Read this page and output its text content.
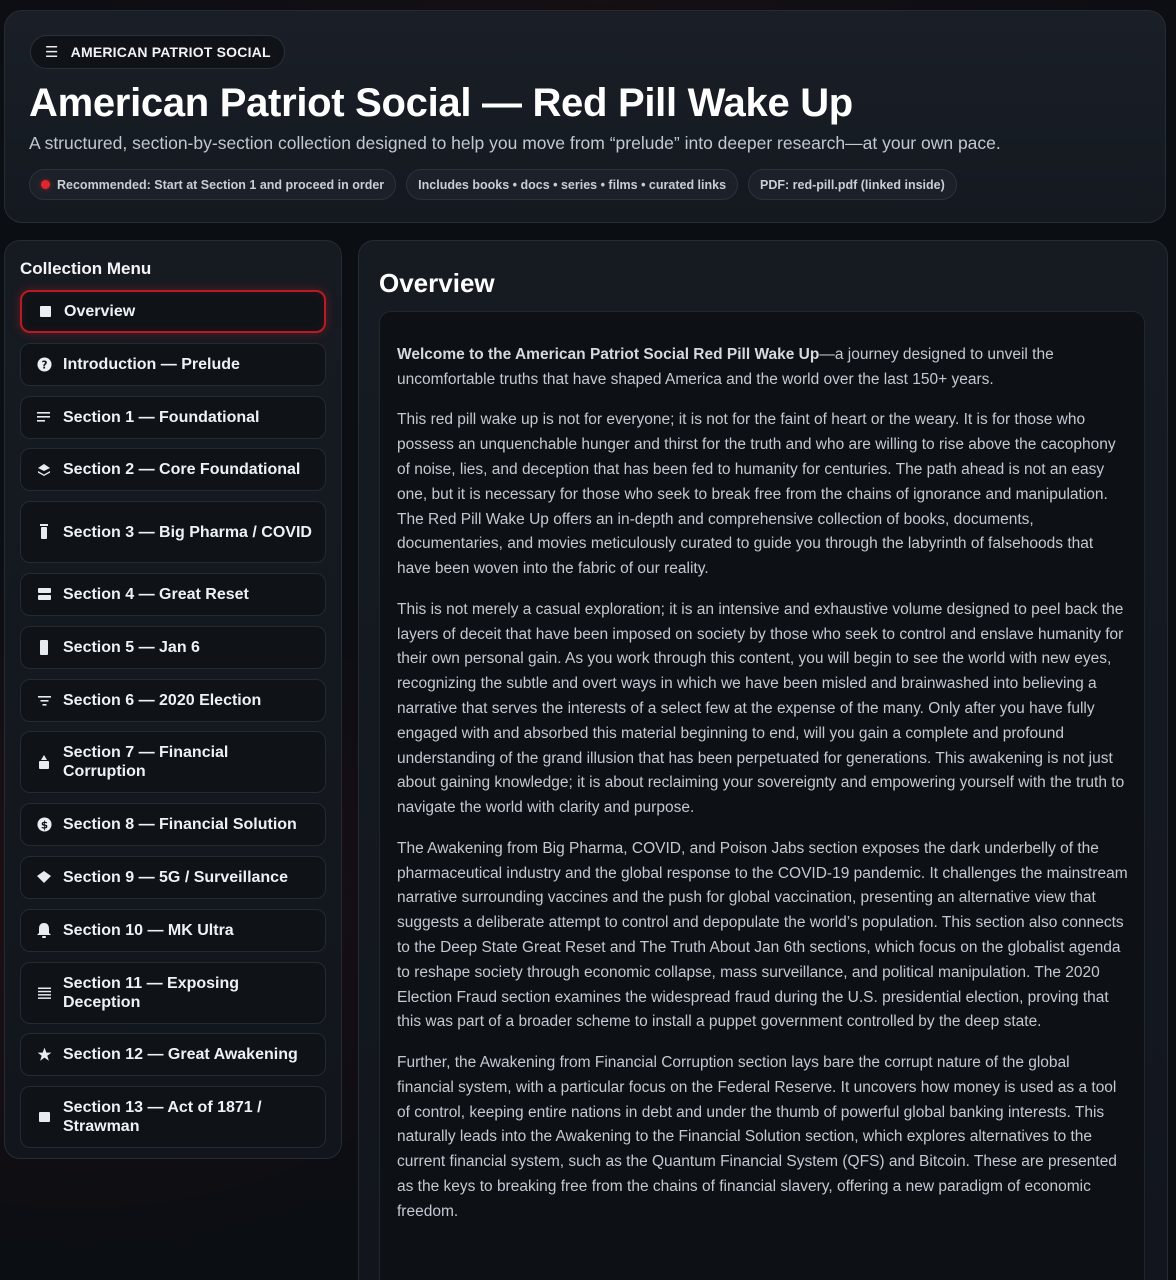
☰ AMERICAN PATRIOT SOCIAL
American Patriot Social — Red Pill Wake Up
A structured, section-by-section collection designed to help you move from “prelude” into deeper research—at your own pace.
Recommended: Start at Section 1 and proceed in order	Includes books • docs • series • films • curated links	PDF: red-pill.pdf (linked inside)
Collection Menu
Overview
? Introduction — Prelude
Section 1 — Foundational
Section 2 — Core Foundational
Section 3 — Big Pharma / COVID
Section 4 — Great Reset
Section 5 — Jan 6
Section 6 — 2020 Election
Section 7 — Financial Corruption
$ Section 8 — Financial Solution
Section 9 — 5G / Surveillance
Section 10 — MK Ultra
Section 11 — Exposing Deception
Section 12 — Great Awakening
Section 13 — Act of 1871 / Strawman
Overview

Welcome to the American Patriot Social Red Pill Wake Up—a journey designed to unveil the uncomfortable truths that have shaped America and the world over the last 150+ years.

This red pill wake up is not for everyone; it is not for the faint of heart or the weary. It is for those who possess an unquenchable hunger and thirst for the truth and who are willing to rise above the cacophony of noise, lies, and deception that has been fed to humanity for centuries. The path ahead is not an easy one, but it is necessary for those who seek to break free from the chains of ignorance and manipulation. The Red Pill Wake Up offers an in-depth and comprehensive collection of books, documents, documentaries, and movies meticulously curated to guide you through the labyrinth of falsehoods that have been woven into the fabric of our reality.

This is not merely a casual exploration; it is an intensive and exhaustive volume designed to peel back the layers of deceit that have been imposed on society by those who seek to control and enslave humanity for their own personal gain. As you work through this content, you will begin to see the world with new eyes, recognizing the subtle and overt ways in which we have been misled and brainwashed into believing a narrative that serves the interests of a select few at the expense of the many. Only after you have fully engaged with and absorbed this material beginning to end, will you gain a complete and profound understanding of the grand illusion that has been perpetuated for generations. This awakening is not just about gaining knowledge; it is about reclaiming your sovereignty and empowering yourself with the truth to navigate the world with clarity and purpose.

The Awakening from Big Pharma, COVID, and Poison Jabs section exposes the dark underbelly of the pharmaceutical industry and the global response to the COVID-19 pandemic. It challenges the mainstream narrative surrounding vaccines and the push for global vaccination, presenting an alternative view that suggests a deliberate attempt to control and depopulate the world’s population. This section also connects to the Deep State Great Reset and The Truth About Jan 6th sections, which focus on the globalist agenda to reshape society through economic collapse, mass surveillance, and political manipulation. The 2020 Election Fraud section examines the widespread fraud during the U.S. presidential election, proving that this was part of a broader scheme to install a puppet government controlled by the deep state.

Further, the Awakening from Financial Corruption section lays bare the corrupt nature of the global financial system, with a particular focus on the Federal Reserve. It uncovers how money is used as a tool of control, keeping entire nations in debt and under the thumb of powerful global banking interests. This naturally leads into the Awakening to the Financial Solution section, which explores alternatives to the current financial system, such as the Quantum Financial System (QFS) and Bitcoin. These are presented as the keys to breaking free from the chains of financial slavery, offering a new paradigm of economic freedom.
